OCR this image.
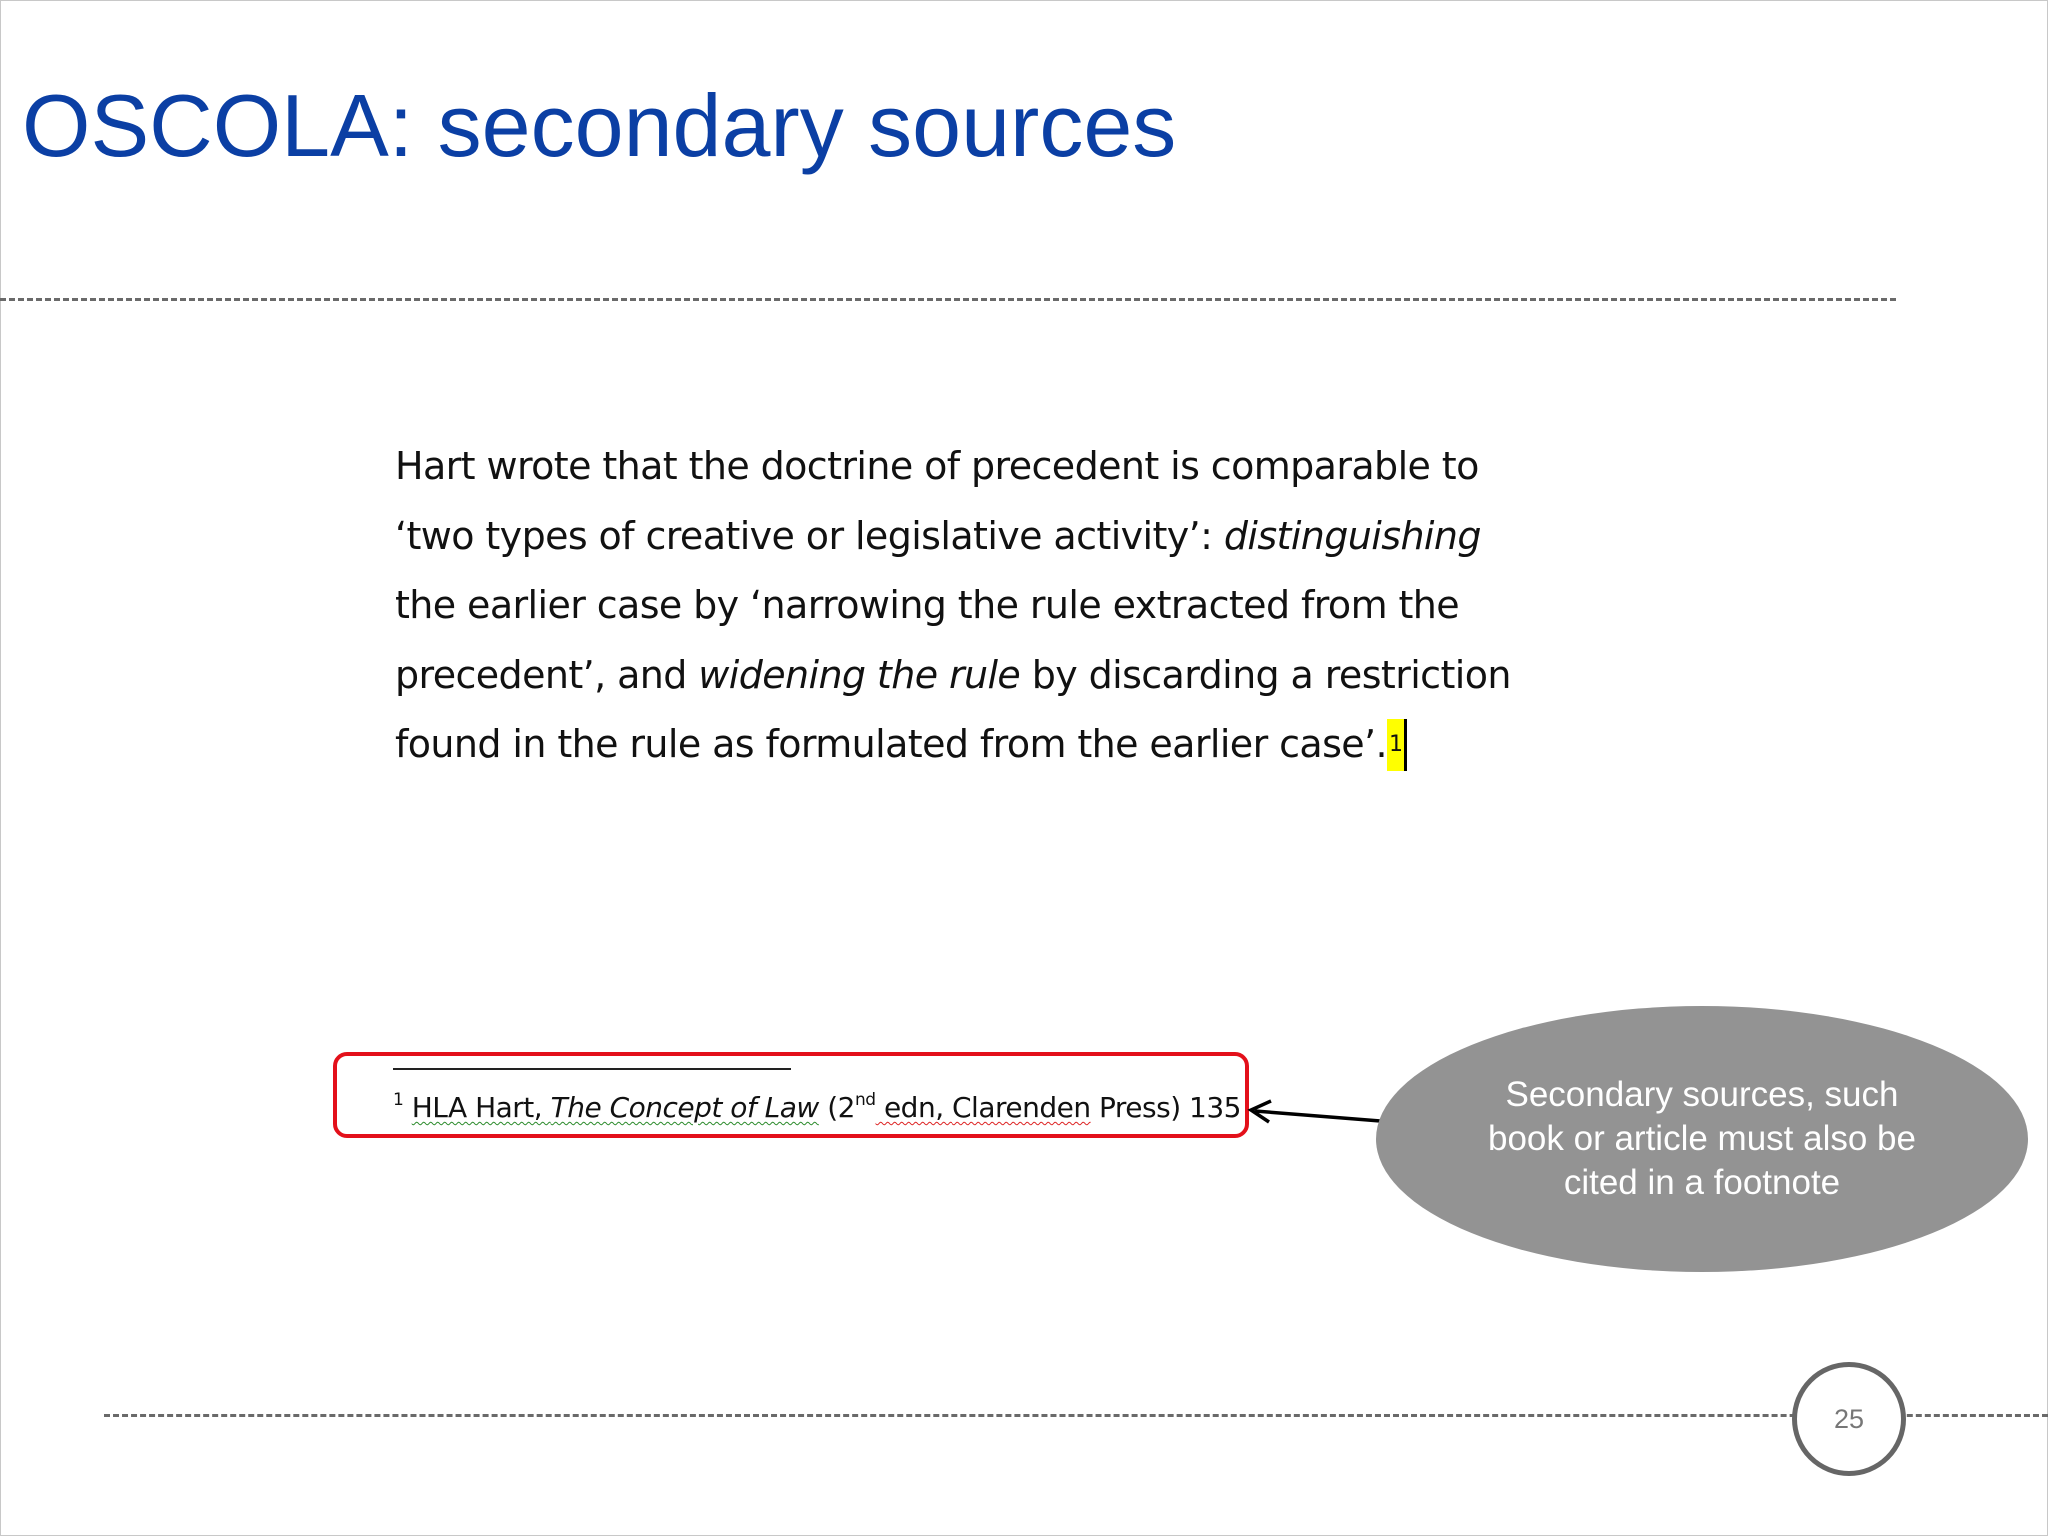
OSCOLA: secondary sources
Hart wrote that the doctrine of precedent is comparable to
‘two types of creative or legislative activity’: distinguishing
the earlier case by ‘narrowing the rule extracted from the
precedent’, and widening the rule by discarding a restriction
found in the rule as formulated from the earlier case’.1
$^1$ HLA Hart, The Concept of Law (2nd edn, Clarenden Press) 135	Secondary sources, such book or article must also be cited in a footnote
25
